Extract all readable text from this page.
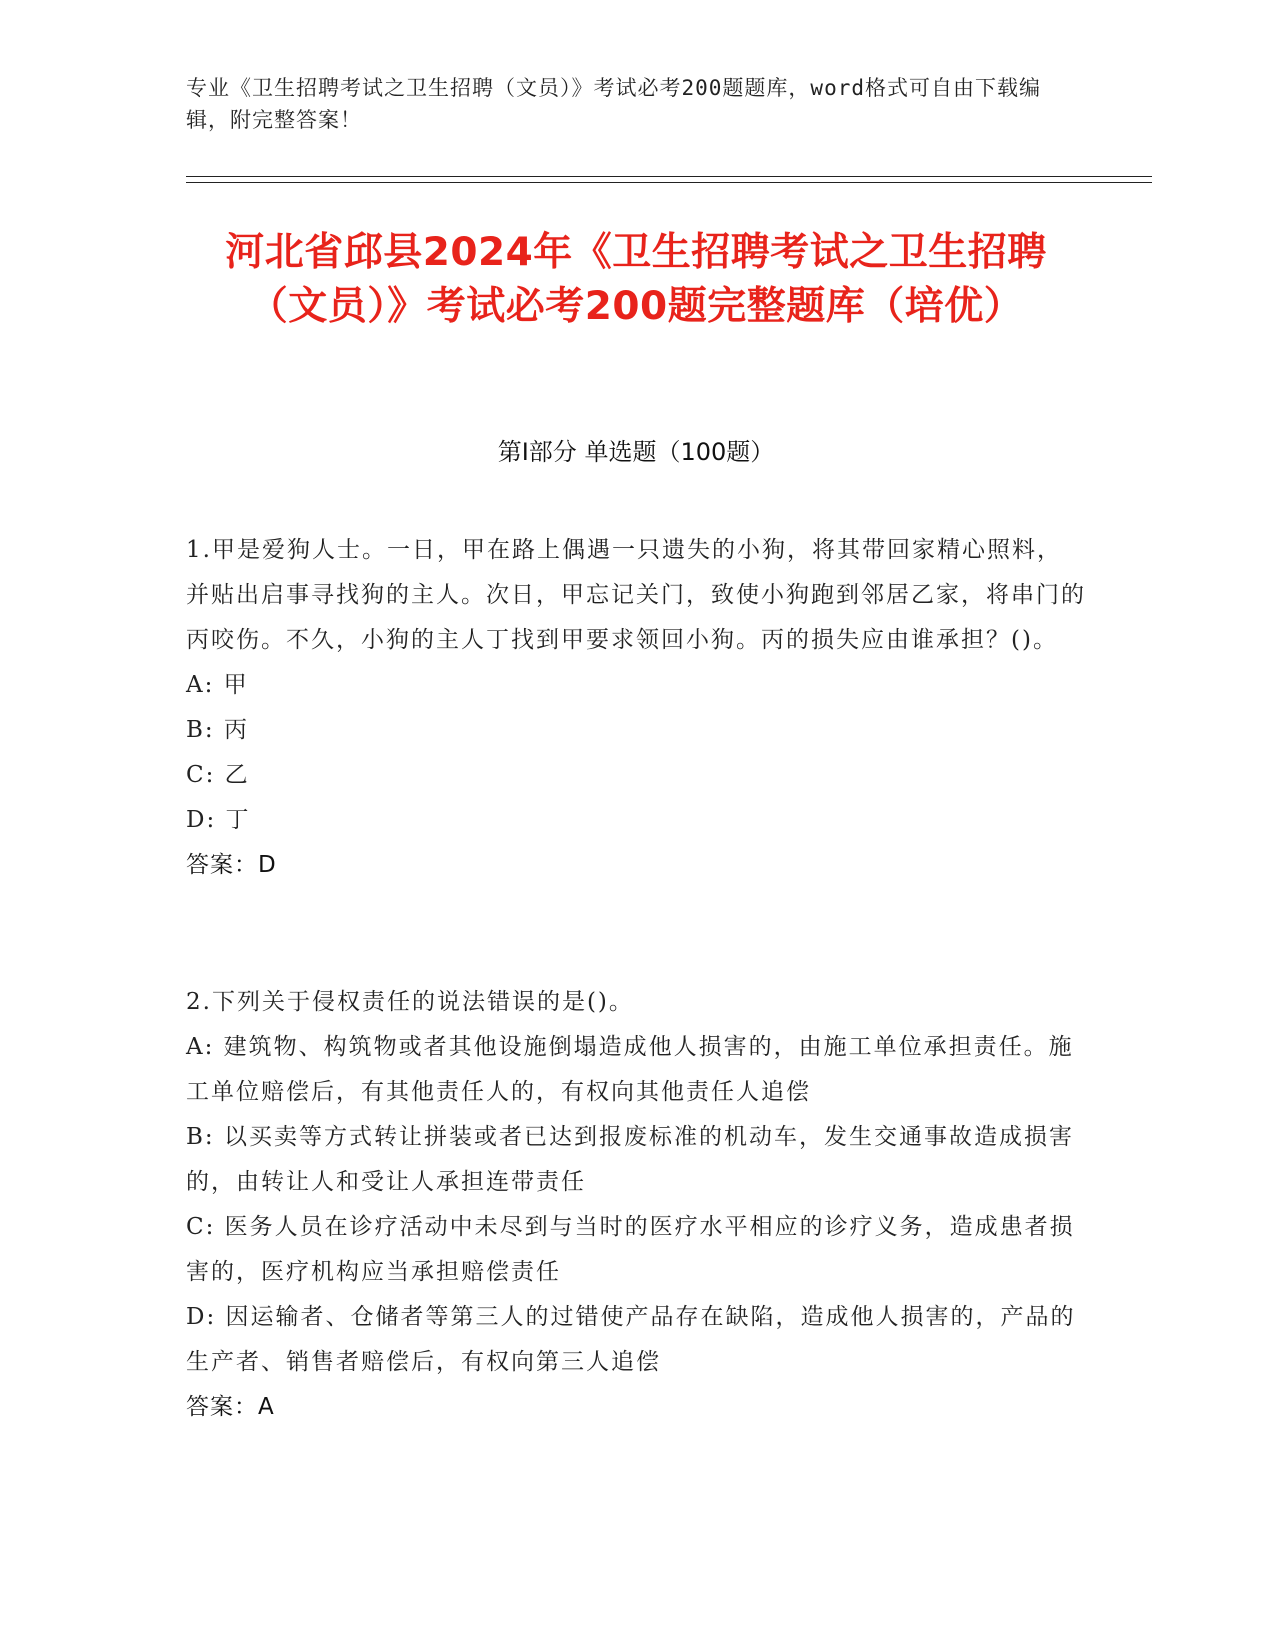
专业《卫生招聘考试之卫生招聘（文员）》考试必考200题题库，word格式可自由下载编辑，附完整答案！
河北省邱县2024年《卫生招聘考试之卫生招聘（文员）》考试必考200题完整题库（培优）
第I部分 单选题（100题）
1.甲是爱狗人士。一日，甲在路上偶遇一只遗失的小狗，将其带回家精心照料，并贴出启事寻找狗的主人。次日，甲忘记关门，致使小狗跑到邻居乙家，将串门的丙咬伤。不久，小狗的主人丁找到甲要求领回小狗。丙的损失应由谁承担？()。
A: 甲
B: 丙
C: 乙
D: 丁
答案：D
2.下列关于侵权责任的说法错误的是()。
A: 建筑物、构筑物或者其他设施倒塌造成他人损害的，由施工单位承担责任。施工单位赔偿后，有其他责任人的，有权向其他责任人追偿
B: 以买卖等方式转让拼装或者已达到报废标准的机动车，发生交通事故造成损害的，由转让人和受让人承担连带责任
C: 医务人员在诊疗活动中未尽到与当时的医疗水平相应的诊疗义务，造成患者损害的，医疗机构应当承担赔偿责任
D: 因运输者、仓储者等第三人的过错使产品存在缺陷，造成他人损害的，产品的生产者、销售者赔偿后，有权向第三人追偿
答案：A
